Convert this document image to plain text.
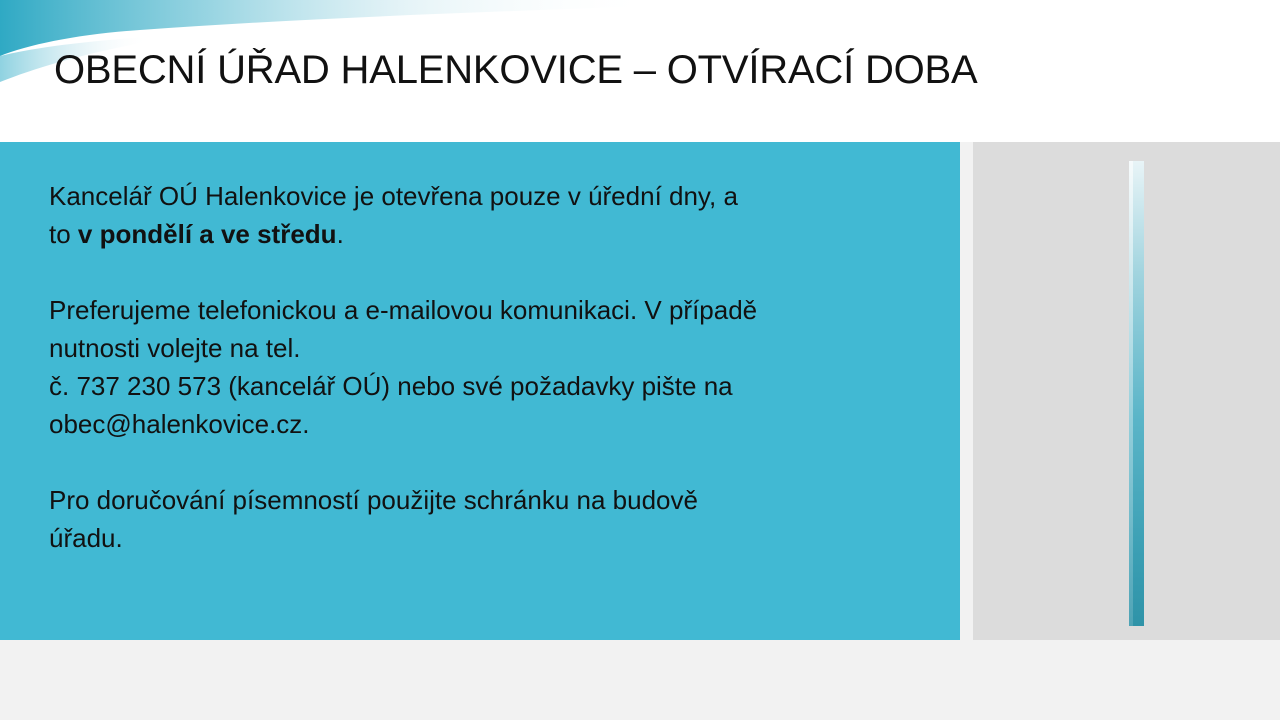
OBECNÍ ÚŘAD HALENKOVICE – OTVÍRACÍ DOBA

Kancelář OÚ Halenkovice je otevřena pouze v úřední dny, a
to v pondělí a ve středu.

Preferujeme telefonickou a e-mailovou komunikaci. V případě
nutnosti volejte na tel.
č. 737 230 573 (kancelář OÚ) nebo své požadavky pište na
obec@halenkovice.cz.

Pro doručování písemností použijte schránku na budově
úřadu.
